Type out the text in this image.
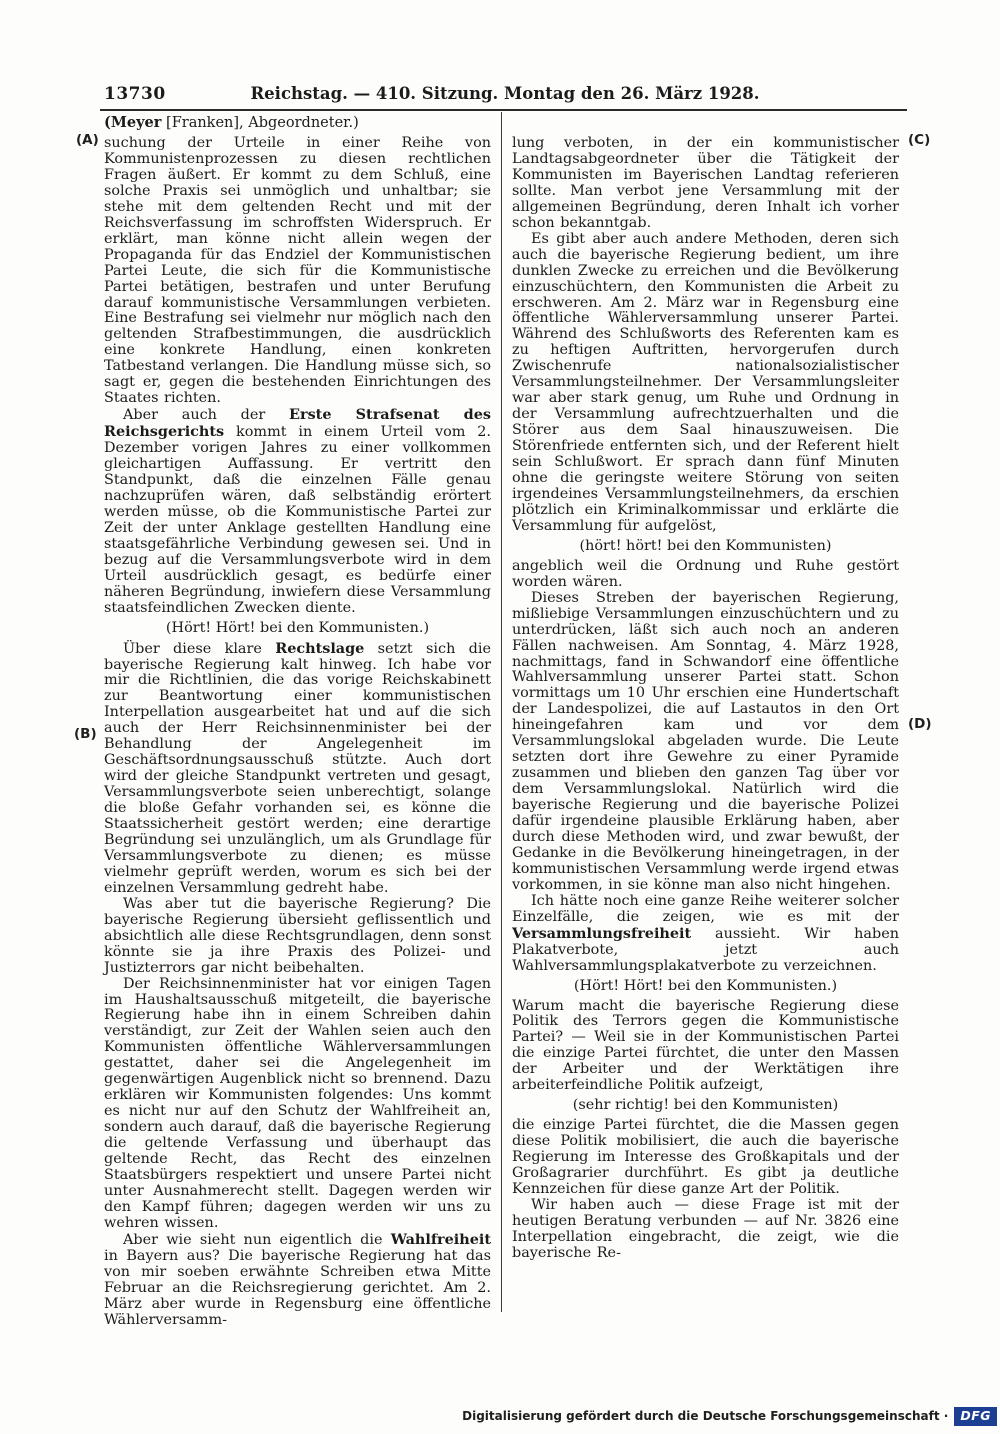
13730	Reichstag. — 410. Sitzung. Montag den 26. März 1928.
(Meyer [Franken], Abgeordneter.)
(A)
(B)
(C)
(D)

suchung der Urteile in einer Reihe von Kommunistenprozessen zu diesen rechtlichen Fragen äußert. Er kommt zu dem Schluß, eine solche Praxis sei unmöglich und unhaltbar; sie stehe mit dem geltenden Recht und mit der Reichsverfassung im schroffsten Widerspruch. Er erklärt, man könne nicht allein wegen der Propaganda für das Endziel der Kommunistischen Partei Leute, die sich für die Kommunistische Partei betätigen, bestrafen und unter Berufung darauf kommunistische Versammlungen verbieten. Eine Bestrafung sei vielmehr nur möglich nach den geltenden Strafbestimmungen, die ausdrücklich eine konkrete Handlung, einen konkreten Tatbestand verlangen. Die Handlung müsse sich, so sagt er, gegen die bestehenden Einrichtungen des Staates richten.

Aber auch der Erste Strafsenat des Reichsgerichts kommt in einem Urteil vom 2. Dezember vorigen Jahres zu einer vollkommen gleichartigen Auffassung. Er vertritt den Standpunkt, daß die einzelnen Fälle genau nachzuprüfen wären, daß selbständig erörtert werden müsse, ob die Kommunistische Partei zur Zeit der unter Anklage gestellten Handlung eine staatsgefährliche Verbindung gewesen sei. Und in bezug auf die Versammlungsverbote wird in dem Urteil ausdrücklich gesagt, es bedürfe einer näheren Begründung, inwiefern diese Versammlung staatsfeindlichen Zwecken diente.

(Hört! Hört! bei den Kommunisten.)

Über diese klare Rechtslage setzt sich die bayerische Regierung kalt hinweg. Ich habe vor mir die Richtlinien, die das vorige Reichskabinett zur Beantwortung einer kommunistischen Interpellation ausgearbeitet hat und auf die sich auch der Herr Reichsinnenminister bei der Behandlung der Angelegenheit im Geschäftsordnungsausschuß stützte. Auch dort wird der gleiche Standpunkt vertreten und gesagt, Versammlungsverbote seien unberechtigt, solange die bloße Gefahr vorhanden sei, es könne die Staatssicherheit gestört werden; eine derartige Begründung sei unzulänglich, um als Grundlage für Versammlungsverbote zu dienen; es müsse vielmehr geprüft werden, worum es sich bei der einzelnen Versammlung gedreht habe.

Was aber tut die bayerische Regierung? Die bayerische Regierung übersieht geflissentlich und absichtlich alle diese Rechtsgrundlagen, denn sonst könnte sie ja ihre Praxis des Polizei- und Justizterrors gar nicht beibehalten.

Der Reichsinnenminister hat vor einigen Tagen im Haushaltsausschuß mitgeteilt, die bayerische Regierung habe ihn in einem Schreiben dahin verständigt, zur Zeit der Wahlen seien auch den Kommunisten öffentliche Wählerversammlungen gestattet, daher sei die Angelegenheit im gegenwärtigen Augenblick nicht so brennend. Dazu erklären wir Kommunisten folgendes: Uns kommt es nicht nur auf den Schutz der Wahlfreiheit an, sondern auch darauf, daß die bayerische Regierung die geltende Verfassung und überhaupt das geltende Recht, das Recht des einzelnen Staatsbürgers respektiert und unsere Partei nicht unter Ausnahmerecht stellt. Dagegen werden wir den Kampf führen; dagegen werden wir uns zu wehren wissen.

Aber wie sieht nun eigentlich die Wahlfreiheit in Bayern aus? Die bayerische Regierung hat das von mir soeben erwähnte Schreiben etwa Mitte Februar an die Reichsregierung gerichtet. Am 2. März aber wurde in Regensburg eine öffentliche Wählerversamm-

lung verboten, in der ein kommunistischer Landtagsabgeordneter über die Tätigkeit der Kommunisten im Bayerischen Landtag referieren sollte. Man verbot jene Versammlung mit der allgemeinen Begründung, deren Inhalt ich vorher schon bekanntgab.

Es gibt aber auch andere Methoden, deren sich auch die bayerische Regierung bedient, um ihre dunklen Zwecke zu erreichen und die Bevölkerung einzuschüchtern, den Kommunisten die Arbeit zu erschweren. Am 2. März war in Regensburg eine öffentliche Wählerversammlung unserer Partei. Während des Schlußworts des Referenten kam es zu heftigen Auftritten, hervorgerufen durch Zwischenrufe nationalsozialistischer Versammlungsteilnehmer. Der Versammlungsleiter war aber stark genug, um Ruhe und Ordnung in der Versammlung aufrechtzuerhalten und die Störer aus dem Saal hinauszuweisen. Die Störenfriede entfernten sich, und der Referent hielt sein Schlußwort. Er sprach dann fünf Minuten ohne die geringste weitere Störung von seiten irgendeines Versammlungsteilnehmers, da erschien plötzlich ein Kriminalkommissar und erklärte die Versammlung für aufgelöst,

(hört! hört! bei den Kommunisten)

angeblich weil die Ordnung und Ruhe gestört worden wären.

Dieses Streben der bayerischen Regierung, mißliebige Versammlungen einzuschüchtern und zu unterdrücken, läßt sich auch noch an anderen Fällen nachweisen. Am Sonntag, 4. März 1928, nachmittags, fand in Schwandorf eine öffentliche Wahlversammlung unserer Partei statt. Schon vormittags um 10 Uhr erschien eine Hundertschaft der Landespolizei, die auf Lastautos in den Ort hineingefahren kam und vor dem Versammlungslokal abgeladen wurde. Die Leute setzten dort ihre Gewehre zu einer Pyramide zusammen und blieben den ganzen Tag über vor dem Versammlungslokal. Natürlich wird die bayerische Regierung und die bayerische Polizei dafür irgendeine plausible Erklärung haben, aber durch diese Methoden wird, und zwar bewußt, der Gedanke in die Bevölkerung hineingetragen, in der kommunistischen Versammlung werde irgend etwas vorkommen, in sie könne man also nicht hingehen.

Ich hätte noch eine ganze Reihe weiterer solcher Einzelfälle, die zeigen, wie es mit der Versammlungsfreiheit aussieht. Wir haben Plakatverbote, jetzt auch Wahlversammlungsplakatverbote zu verzeichnen.

(Hört! Hört! bei den Kommunisten.)

Warum macht die bayerische Regierung diese Politik des Terrors gegen die Kommunistische Partei? — Weil sie in der Kommunistischen Partei die einzige Partei fürchtet, die unter den Massen der Arbeiter und der Werktätigen ihre arbeiterfeindliche Politik aufzeigt,

(sehr richtig! bei den Kommunisten)

die einzige Partei fürchtet, die die Massen gegen diese Politik mobilisiert, die auch die bayerische Regierung im Interesse des Großkapitals und der Großagrarier durchführt. Es gibt ja deutliche Kennzeichen für diese ganze Art der Politik.

Wir haben auch — diese Frage ist mit der heutigen Beratung verbunden — auf Nr. 3826 eine Interpellation eingebracht, die zeigt, wie die bayerische Re-

Digitalisierung gefördert durch die Deutsche Forschungsgemeinschaft · DFG
